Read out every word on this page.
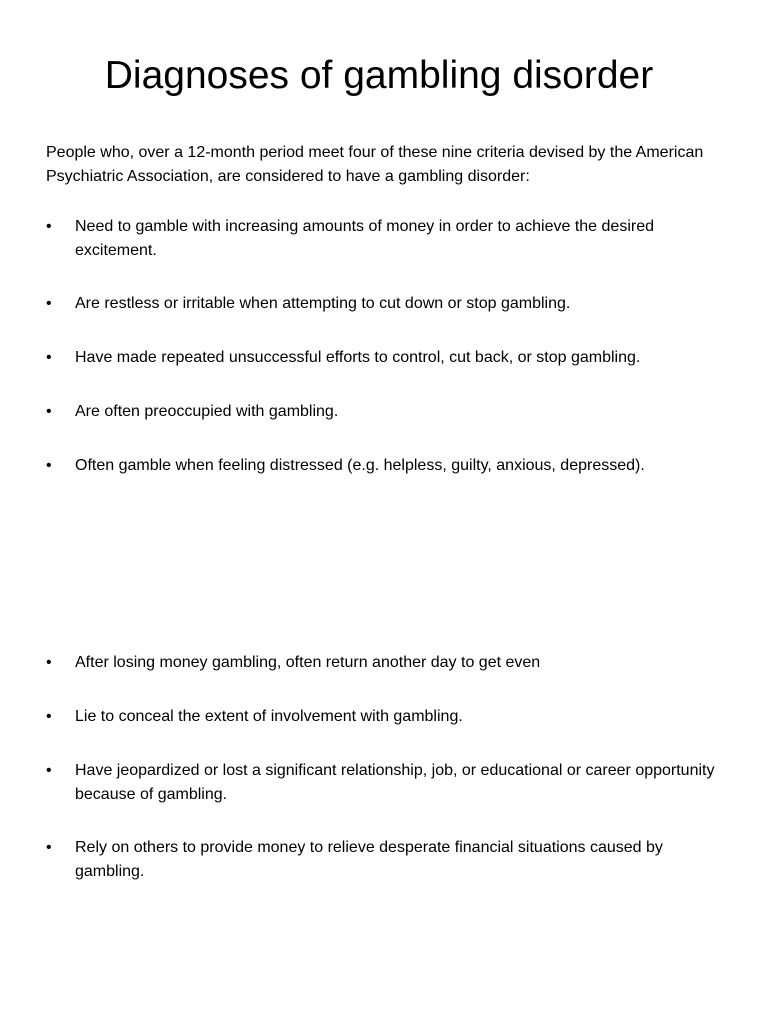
Diagnoses of gambling disorder

People who, over a 12-month period meet four of these nine criteria devised by the American Psychiatric Association, are considered to have a gambling disorder:

•	Need to gamble with increasing amounts of money in order to achieve the desired excitement.
•	Are restless or irritable when attempting to cut down or stop gambling.
•	Have made repeated unsuccessful efforts to control, cut back, or stop gambling.
•	Are often preoccupied with gambling.
•	Often gamble when feeling distressed (e.g. helpless, guilty, anxious, depressed).
•	After losing money gambling, often return another day to get even
•	Lie to conceal the extent of involvement with gambling.
•	Have jeopardized or lost a significant relationship, job, or educational or career opportunity because of gambling.
•	Rely on others to provide money to relieve desperate financial situations caused by gambling.
